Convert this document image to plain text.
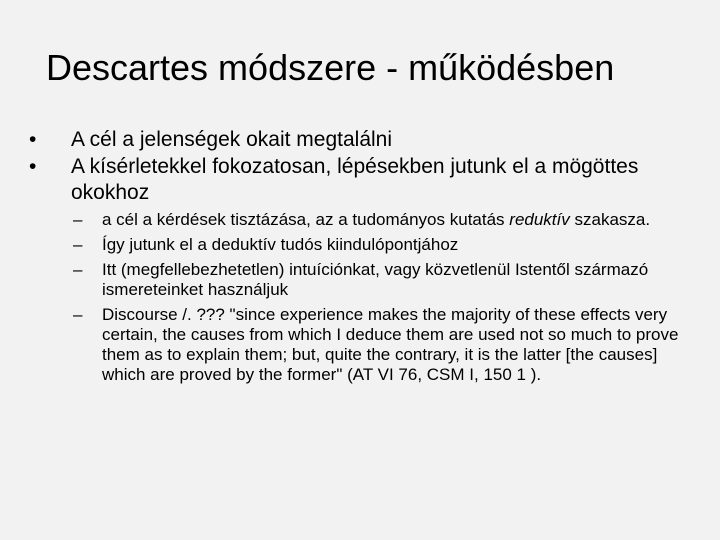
Descartes módszere - működésben
• A cél a jelenségek okait megtalálni
• A kísérletekkel fokozatosan, lépésekben jutunk el a mögöttes okokhoz
– a cél a kérdések tisztázása, az a tudományos kutatás reduktív szakasza.
– Így jutunk el a deduktív tudós kiindulópontjához
– Itt (megfellebezhetetlen) intuíciónkat, vagy közvetlenül Istentől származó ismereteinket használjuk
– Discourse /. ??? "since experience makes the majority of these effects very certain, the causes from which I deduce them are used not so much to prove them as to explain them; but, quite the contrary, it is the latter [the causes] which are proved by the former" (AT VI 76, CSM I, 150 1 ).
